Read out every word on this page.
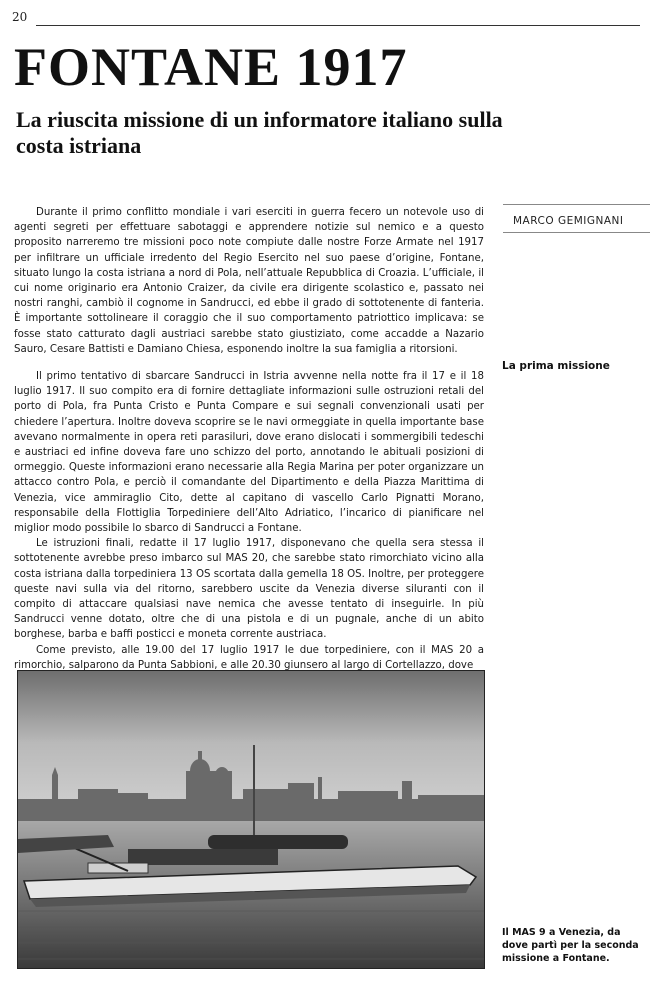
20
FONTANE 1917
La riuscita missione di un informatore italiano sulla costa istriana
MARCO GEMIGNANI
La prima missione

Durante il primo conflitto mondiale i vari eserciti in guerra fecero un notevole uso di agenti segreti per effettuare sabotaggi e apprendere notizie sul nemico e a questo proposito narreremo tre missioni poco note compiute dalle nostre Forze Armate nel 1917 per infiltrare un ufficiale irredento del Regio Esercito nel suo paese d’origine, Fontane, situato lungo la costa istriana a nord di Pola, nell’attuale Repubblica di Croazia. L’ufficiale, il cui nome originario era Antonio Craizer, da civile era dirigente scolastico e, passato nei nostri ranghi, cambiò il cognome in Sandrucci, ed ebbe il grado di sottotenente di fanteria. È importante sottolineare il coraggio che il suo comportamento patriottico implicava: se fosse stato catturato dagli austriaci sarebbe stato giustiziato, come accadde a Nazario Sauro, Cesare Battisti e Damiano Chiesa, esponendo inoltre la sua famiglia a ritorsioni.

Il primo tentativo di sbarcare Sandrucci in Istria avvenne nella notte fra il 17 e il 18 luglio 1917. Il suo compito era di fornire dettagliate informazioni sulle ostruzioni retali del porto di Pola, fra Punta Cristo e Punta Compare e sui segnali convenzionali usati per chiedere l’apertura. Inoltre doveva scoprire se le navi ormeggiate in quella importante base avevano normalmente in opera reti parasiluri, dove erano dislocati i sommergibili tedeschi e austriaci ed infine doveva fare uno schizzo del porto, annotando le abituali posizioni di ormeggio. Queste informazioni erano necessarie alla Regia Marina per poter organizzare un attacco contro Pola, e perciò il comandante del Dipartimento e della Piazza Marittima di Venezia, vice ammiraglio Cito, dette al capitano di vascello Carlo Pignatti Morano, responsabile della Flottiglia Torpediniere dell’Alto Adriatico, l’incarico di pianificare nel miglior modo possibile lo sbarco di Sandrucci a Fontane.

Le istruzioni finali, redatte il 17 luglio 1917, disponevano che quella sera stessa il sottotenente avrebbe preso imbarco sul MAS 20, che sarebbe stato rimorchiato vicino alla costa istriana dalla torpediniera 13 OS scortata dalla gemella 18 OS. Inoltre, per proteggere queste navi sulla via del ritorno, sarebbero uscite da Venezia diverse siluranti con il compito di attaccare qualsiasi nave nemica che avesse tentato di inseguirle. In più Sandrucci venne dotato, oltre che di una pistola e di un pugnale, anche di un abito borghese, barba e baffi posticci e moneta corrente austriaca.

Come previsto, alle 19.00 del 17 luglio 1917 le due torpediniere, con il MAS 20 a rimorchio, salparono da Punta Sabbioni, e alle 20.30 giunsero al largo di Cortellazzo, dove

Il MAS 9 a Venezia, da dove partì per la seconda missione a Fontane.
